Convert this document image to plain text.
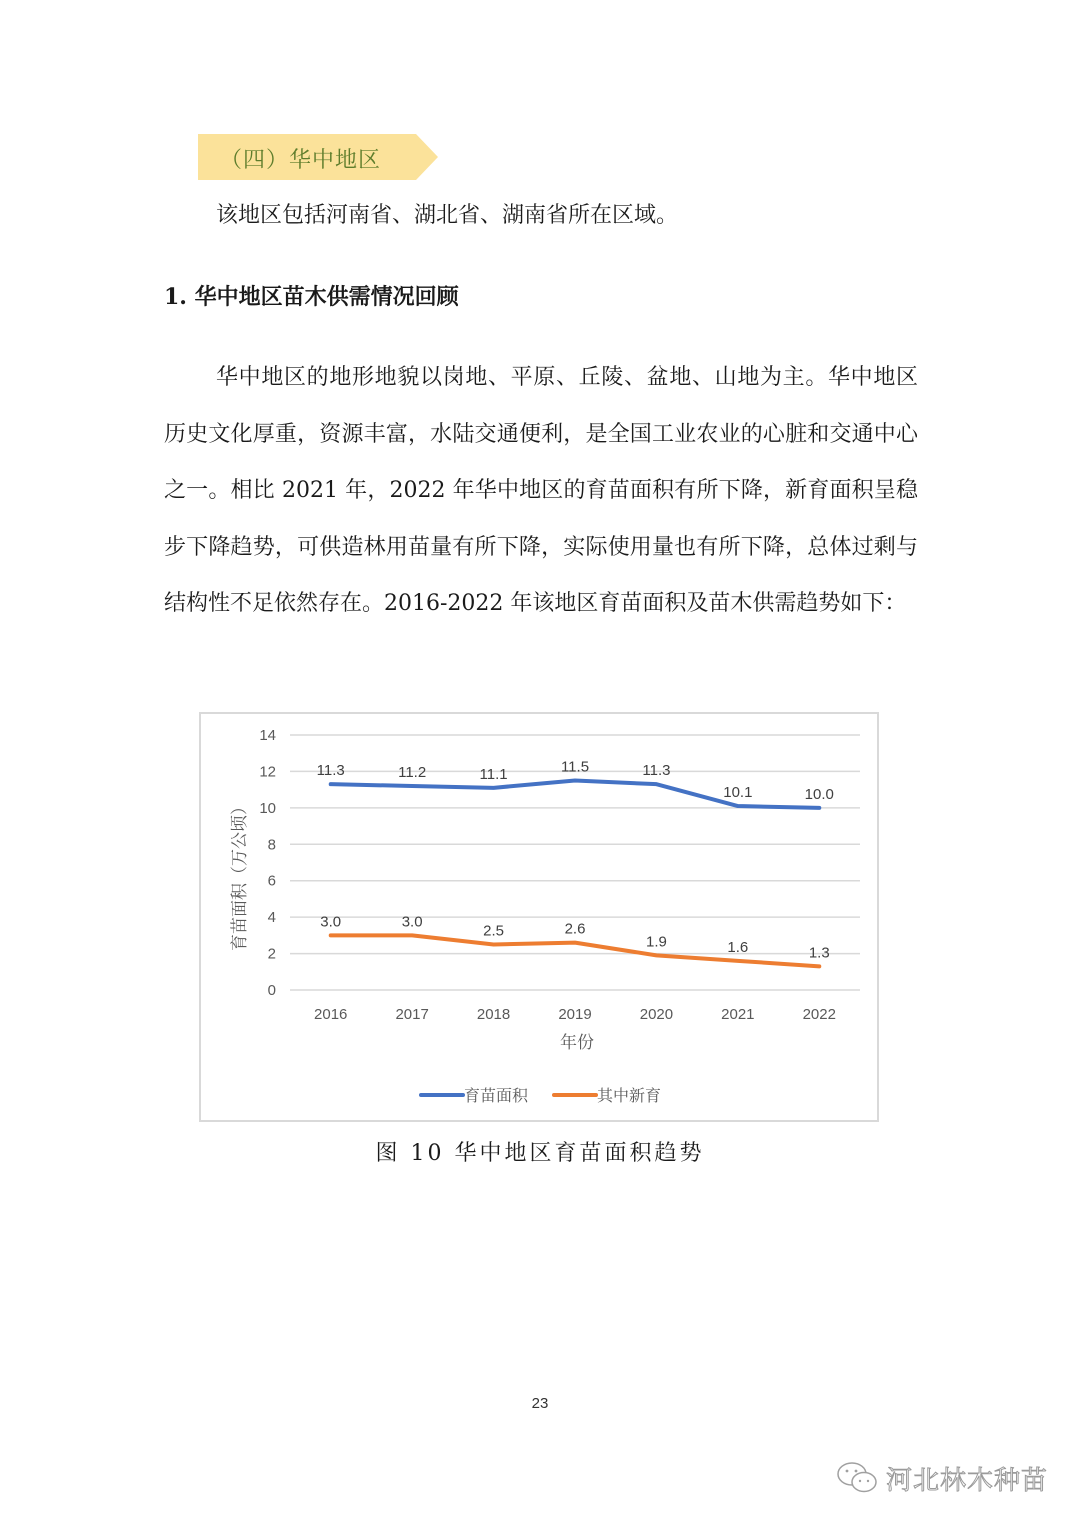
（四）华中地区
该地区包括河南省、湖北省、湖南省所在区域。
1. 华中地区苗木供需情况回顾
华中地区的地形地貌以岗地、平原、丘陵、盆地、山地为主。华中地区历史文化厚重，资源丰富，水陆交通便利，是全国工业农业的心脏和交通中心之一。相比 2021 年，2022 年华中地区的育苗面积有所下降，新育面积呈稳步下降趋势，可供造林用苗量有所下降，实际使用量也有所下降，总体过剩与结构性不足依然存在。2016-2022 年该地区育苗面积及苗木供需趋势如下：
0
2
4
6
8
10
12
14
2016	2017	2018	2019	2020	2021	2022
年份
育苗面积（万公顷）
11.3	11.2	11.1	11.5	11.3
10.1	10.0
3.0	3.0
2.5	2.6
1.9	1.6	1.3
育苗面积	其中新育
图 10 华中地区育苗面积趋势
23
河北林木种苗
